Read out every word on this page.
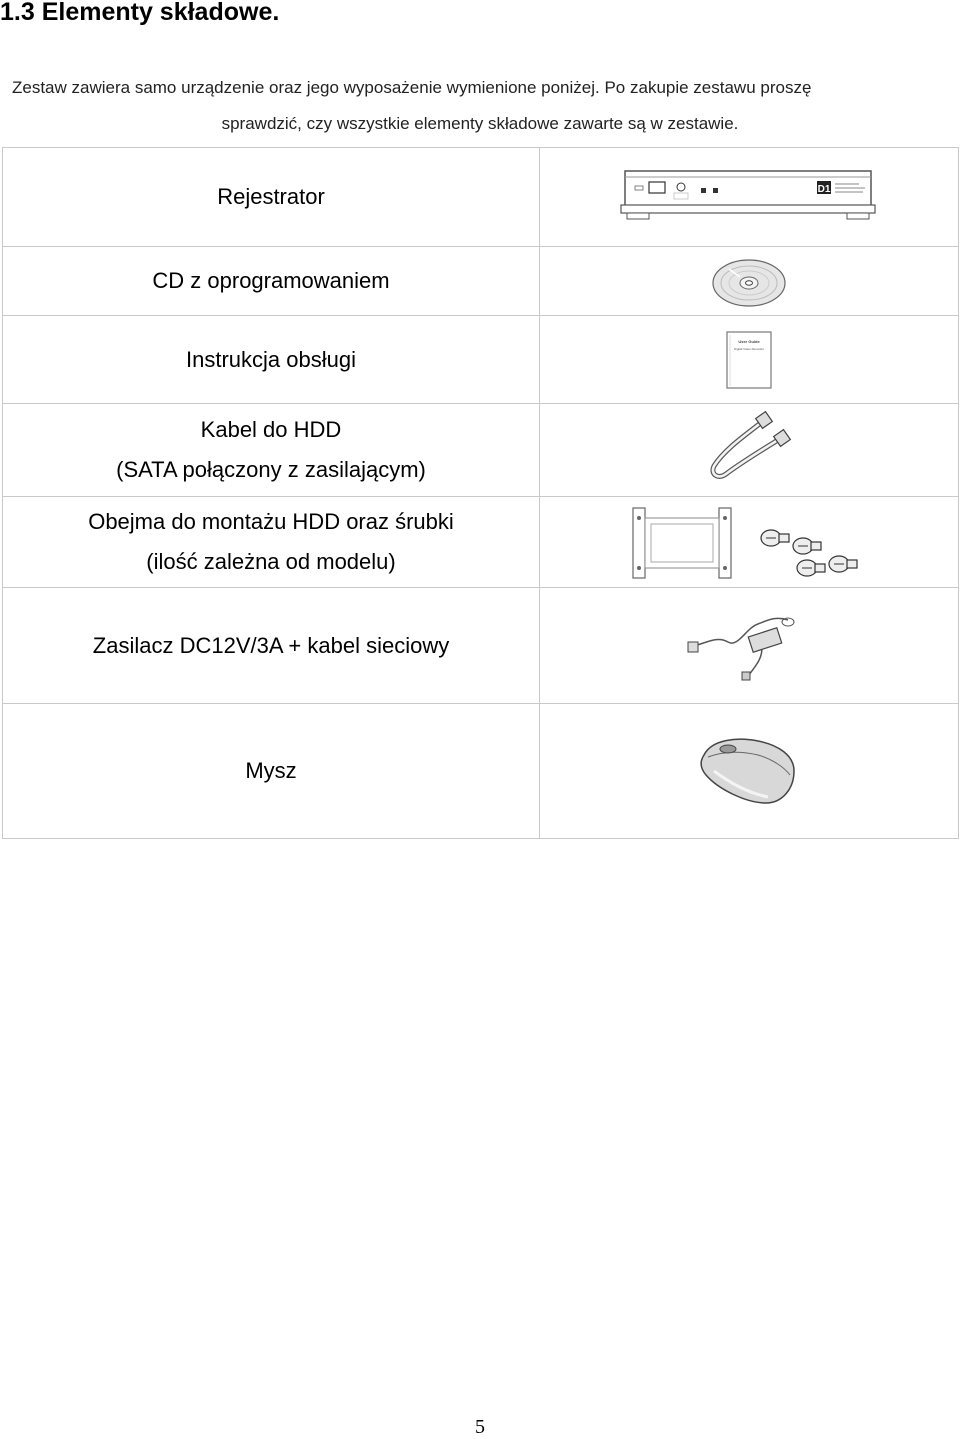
1.3 Elementy składowe.
Zestaw zawiera samo urządzenie oraz jego wyposażenie wymienione poniżej. Po zakupie zestawu proszę
sprawdzić, czy wszystkie elementy składowe zawarte są w zestawie.
Rejestrator	D1

CD z oprogramowaniem	

Instrukcja obsługi	User Guide
Digital Video Recorder

Kabel do HDD
(SATA połączony z zasilającym)

Obejma do montażu HDD oraz śrubki
(ilość zależna od modelu)

Zasilacz DC12V/3A + kabel sieciowy	

Mysz	
5
